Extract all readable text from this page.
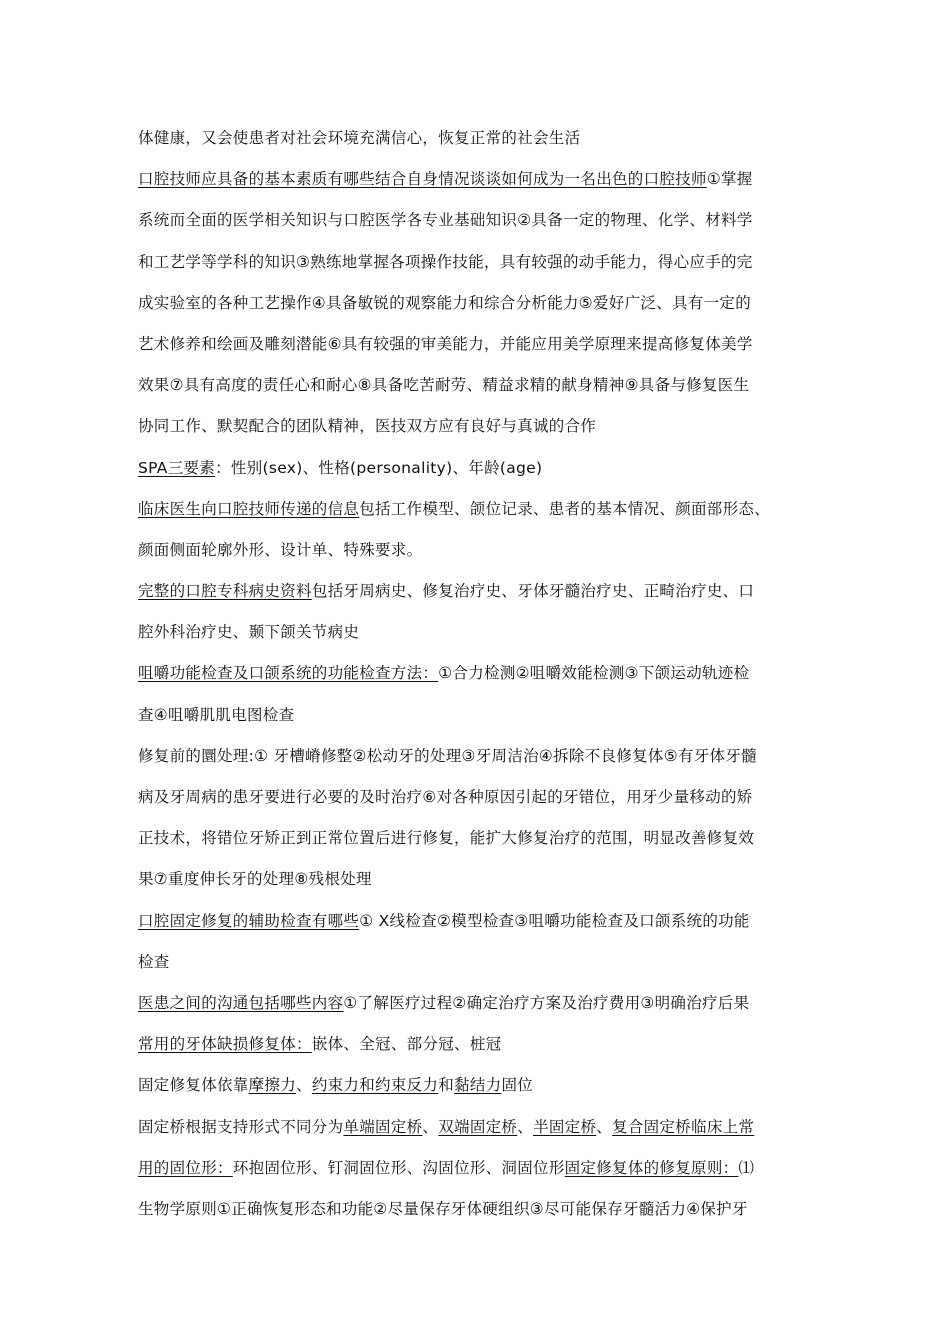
体健康，又会使患者对社会环境充满信心，恢复正常的社会生活
口腔技师应具备的基本素质有哪些结合自身情况谈谈如何成为一名出色的口腔技师①掌握
系统而全面的医学相关知识与口腔医学各专业基础知识②具备一定的物理、化学、材料学
和工艺学等学科的知识③熟练地掌握各项操作技能，具有较强的动手能力，得心应手的完
成实验室的各种工艺操作④具备敏锐的观察能力和综合分析能力⑤爱好广泛、具有一定的
艺术修养和绘画及雕刻潜能⑥具有较强的审美能力，并能应用美学原理来提高修复体美学
效果⑦具有高度的责任心和耐心⑧具备吃苦耐劳、精益求精的献身精神⑨具备与修复医生
协同工作、默契配合的团队精神，医技双方应有良好与真诚的合作
SPA三要素：性别(sex)、性格(personality)、年龄(age)
临床医生向口腔技师传递的信息包括工作模型、颌位记录、患者的基本情况、颜面部形态、
颜面侧面轮廓外形、设计单、特殊要求。
完整的口腔专科病史资料包括牙周病史、修复治疗史、牙体牙髓治疗史、正畸治疗史、口
腔外科治疗史、颞下颌关节病史
咀嚼功能检查及口颌系统的功能检查方法：①合力检测②咀嚼效能检测③下颌运动轨迹检
查④咀嚼肌肌电图检查
修复前的圜处理:① 牙槽嵴修整②松动牙的处理③牙周洁治④拆除不良修复体⑤有牙体牙髓
病及牙周病的患牙要进行必要的及时治疗⑥对各种原因引起的牙错位，用牙少量移动的矫
正技术，将错位牙矫正到正常位置后进行修复，能扩大修复治疗的范围，明显改善修复效
果⑦重度伸长牙的处理⑧残根处理
口腔固定修复的辅助检查有哪些① X线检查②模型检查③咀嚼功能检查及口颌系统的功能
检查
医患之间的沟通包括哪些内容①了解医疗过程②确定治疗方案及治疗费用③明确治疗后果
常用的牙体缺损修复体：嵌体、全冠、部分冠、桩冠
固定修复体依靠摩擦力、约束力和约束反力和黏结力固位
固定桥根据支持形式不同分为单端固定桥、双端固定桥、半固定桥、复合固定桥临床上常
用的固位形：环抱固位形、钉洞固位形、沟固位形、洞固位形固定修复体的修复原则：⑴
生物学原则①正确恢复形态和功能②尽量保存牙体硬组织③尽可能保存牙髓活力④保护牙
